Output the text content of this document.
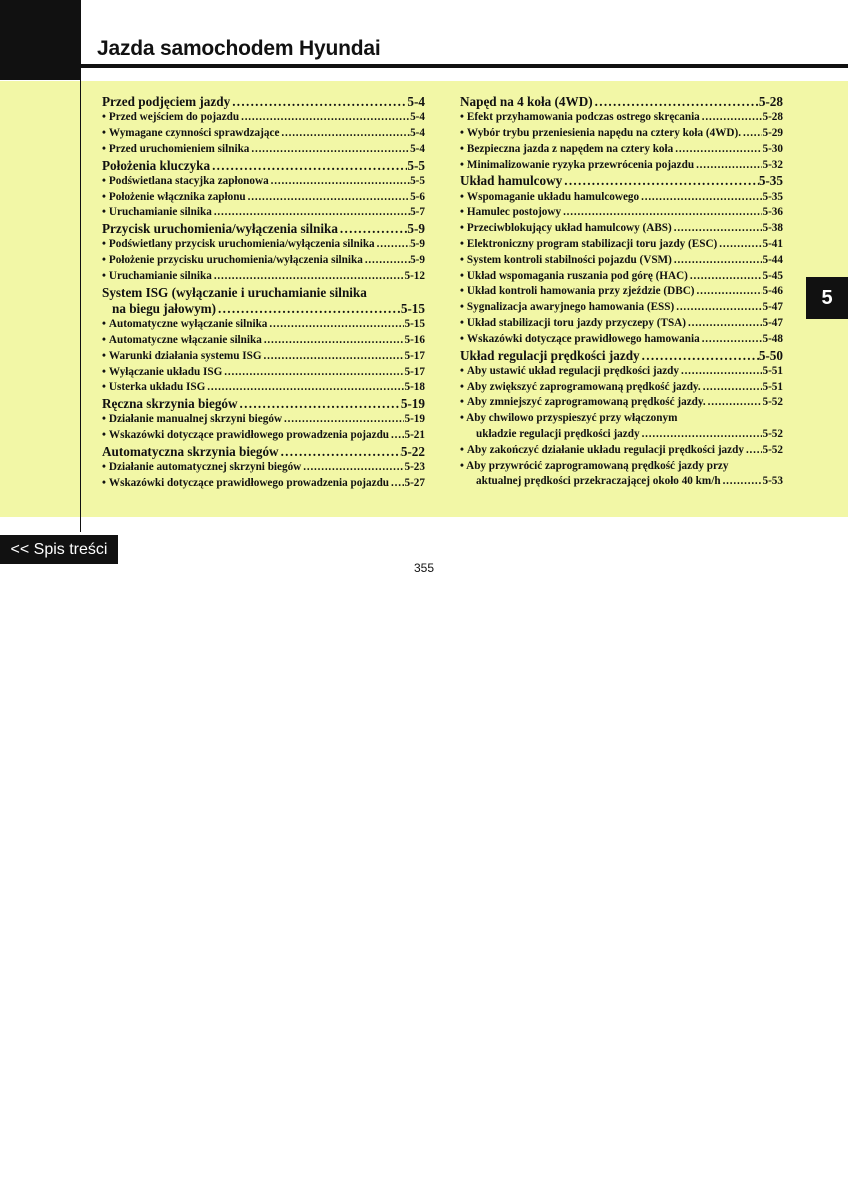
Jazda samochodem Hyundai
Przed podjęciem jazdy . . .	5-4
• Przed wejściem do pojazdu . . .	5-4
• Wymagane czynności sprawdzające . . .	5-4
• Przed uruchomieniem silnika . . .	5-4
Położenia kluczyka . . .	5-5
• Podświetlana stacyjka zapłonowa . . .	5-5
• Położenie włącznika zapłonu . . .	5-6
• Uruchamianie silnika . . .	5-7
Przycisk uruchomienia/wyłączenia silnika . . .	5-9
• Podświetlany przycisk uruchomienia/wyłączenia silnika . . .	5-9
• Położenie przycisku uruchomienia/wyłączenia silnika . . .	5-9
• Uruchamianie silnika . . .	5-12
System ISG (wyłączanie i uruchamianie silnika
na biegu jałowym) . . .	5-15
• Automatyczne wyłączanie silnika . . .	5-15
• Automatyczne włączanie silnika . . .	5-16
• Warunki działania systemu ISG . . .	5-17
• Wyłączanie układu ISG . . .	5-17
• Usterka układu ISG . . .	5-18
Ręczna skrzynia biegów . . .	5-19
• Działanie manualnej skrzyni biegów . . .	5-19
• Wskazówki dotyczące prawidłowego prowadzenia pojazdu . . . 5-21
Automatyczna skrzynia biegów . . .	5-22
• Działanie automatycznej skrzyni biegów . . .	5-23
• Wskazówki dotyczące prawidłowego prowadzenia pojazdu . . . 5-27
Napęd na 4 koła (4WD) . . .	5-28
• Efekt przyhamowania podczas ostrego skręcania . . .	5-28
• Wybór trybu przeniesienia napędu na cztery koła (4WD). . . . 5-29
• Bezpieczna jazda z napędem na cztery koła . . .	5-30
• Minimalizowanie ryzyka przewrócenia pojazdu . . .	5-32
Układ hamulcowy . . .	5-35
• Wspomaganie układu hamulcowego . . .	5-35
• Hamulec postojowy . . .	5-36
• Przeciwblokujący układ hamulcowy (ABS) . . .	5-38
• Elektroniczny program stabilizacji toru jazdy (ESC) . . .	5-41
• System kontroli stabilności pojazdu (VSM) . . .	5-44
• Układ wspomagania ruszania pod górę (HAC) . . .	5-45
• Układ kontroli hamowania przy zjeździe (DBC) . . .	5-46
• Sygnalizacja awaryjnego hamowania (ESS) . . .	5-47
• Układ stabilizacji toru jazdy przyczepy (TSA) . . .	5-47
• Wskazówki dotyczące prawidłowego hamowania . . .	5-48
Układ regulacji prędkości jazdy . . .	5-50
• Aby ustawić układ regulacji prędkości jazdy . . .	5-51
• Aby zwiększyć zaprogramowaną prędkość jazdy. . . .	5-51
• Aby zmniejszyć zaprogramowaną prędkość jazdy. . . .	5-52
• Aby chwilowo przyspieszyć przy włączonym
układzie regulacji prędkości jazdy . . .	5-52
• Aby zakończyć działanie układu regulacji prędkości jazdy . . . 5-52
• Aby przywrócić zaprogramowaną prędkość jazdy przy
aktualnej prędkości przekraczającej około 40 km/h . . .	5-53
5
<< Spis treści
355
